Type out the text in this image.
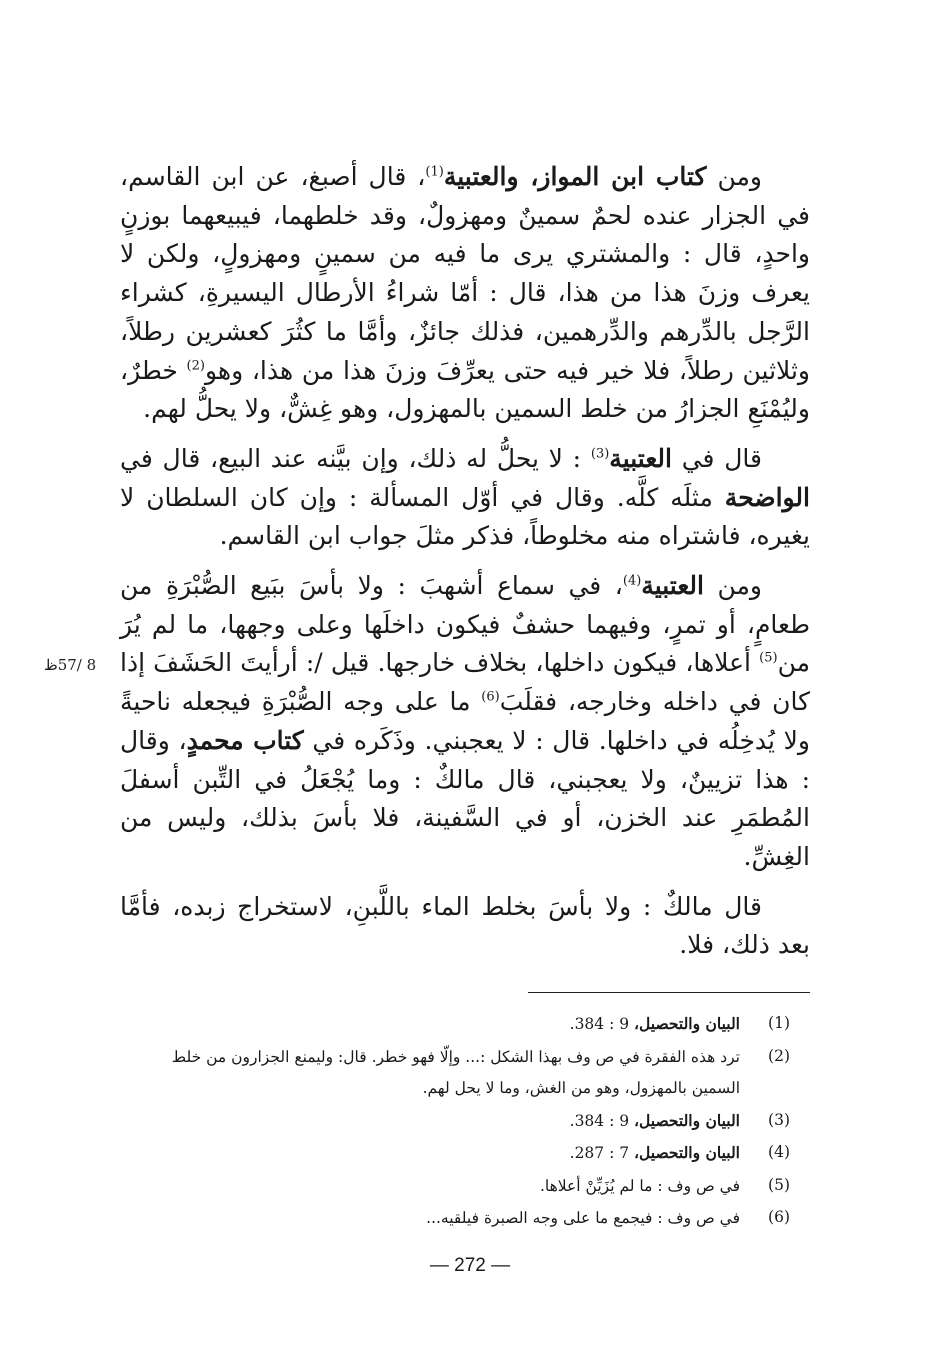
ومن كتاب ابن المواز، والعتبية$^{(1)}$، قال أصبغ، عن ابن القاسم، في الجزار عنده لحمٌ سمينٌ ومهزولٌ، وقد خلطهما، فيبيعهما بوزنٍ واحدٍ، قال : والمشتري يرى ما فيه من سمينٍ ومهزولٍ، ولكن لا يعرف وزنَ هذا من هذا، قال : أمّا شراءُ الأرطال اليسيرةِ، كشراء الرَّجل بالدِّرهم والدِّرهمين، فذلك جائزٌ، وأمَّا ما كثُرَ كعشرين رطلاً، وثلاثين رطلاً، فلا خير فيه حتى يعرِّفَ وزنَ هذا من هذا، وهو$^{(2)}$ خطرٌ، وليُمْنَعِ الجزارُ من خلط السمين بالمهزول، وهو غِشٌّ، ولا يحلُّ لهم.

قال في العتبية$^{(3)}$ : لا يحلُّ له ذلك، وإن بيَّنه عند البيع، قال في الواضحة مثلَه كلَّه. وقال في أوّل المسألة : وإن كان السلطان لا يغيره، فاشتراه منه مخلوطاً، فذكر مثلَ جواب ابن القاسم.

ومن العتبية$^{(4)}$، في سماع أشهبَ : ولا بأسَ ببَيع الصُّبْرَةِ من طعامٍ، أو تمرٍ، وفيهما حشفٌ فيكون داخلَها وعلى وجهها، ما لم يُرَ من$^{(5)}$ أعلاها، فيكون داخلها، بخلاف خارجها. قيل /: أرأيتَ الحَشَفَ إذا كان في داخله وخارجه، فقلَبَ$^{(6)}$ ما على وجه الصُّبْرَةِ فيجعله ناحيةً ولا يُدخِلُه في داخلها. قال : لا يعجبني. وذَكَره في كتاب محمدٍ، وقال : هذا تزيينٌ، ولا يعجبني، قال مالكٌ : وما يُجْعَلُ في التِّبن أسفلَ المُطمَرِ عند الخزن، أو في السَّفينة، فلا بأسَ بذلك، وليس من الغِشِّ.

قال مالكٌ : ولا بأسَ بخلط الماء باللَّبنِ، لاستخراج زبده، فأمَّا بعد ذلك، فلا.

8 /57ظ
(1)
البيان والتحصيل، 9 : 384.
(2)
ترد هذه الفقرة في ص وف بهذا الشكل :... وإلّا فهو خطر. قال: وليمنع الجزارون من خلط السمين بالمهزول، وهو من الغش، وما لا يحل لهم.
(3)
البيان والتحصيل، 9 : 384.
(4)
البيان والتحصيل، 7 : 287.
(5)
في ص وف : ما لم يُزَيِّنْ أعلاها.
(6)
في ص وف : فيجمع ما على وجه الصبرة فيلقيه...
— 272 —
